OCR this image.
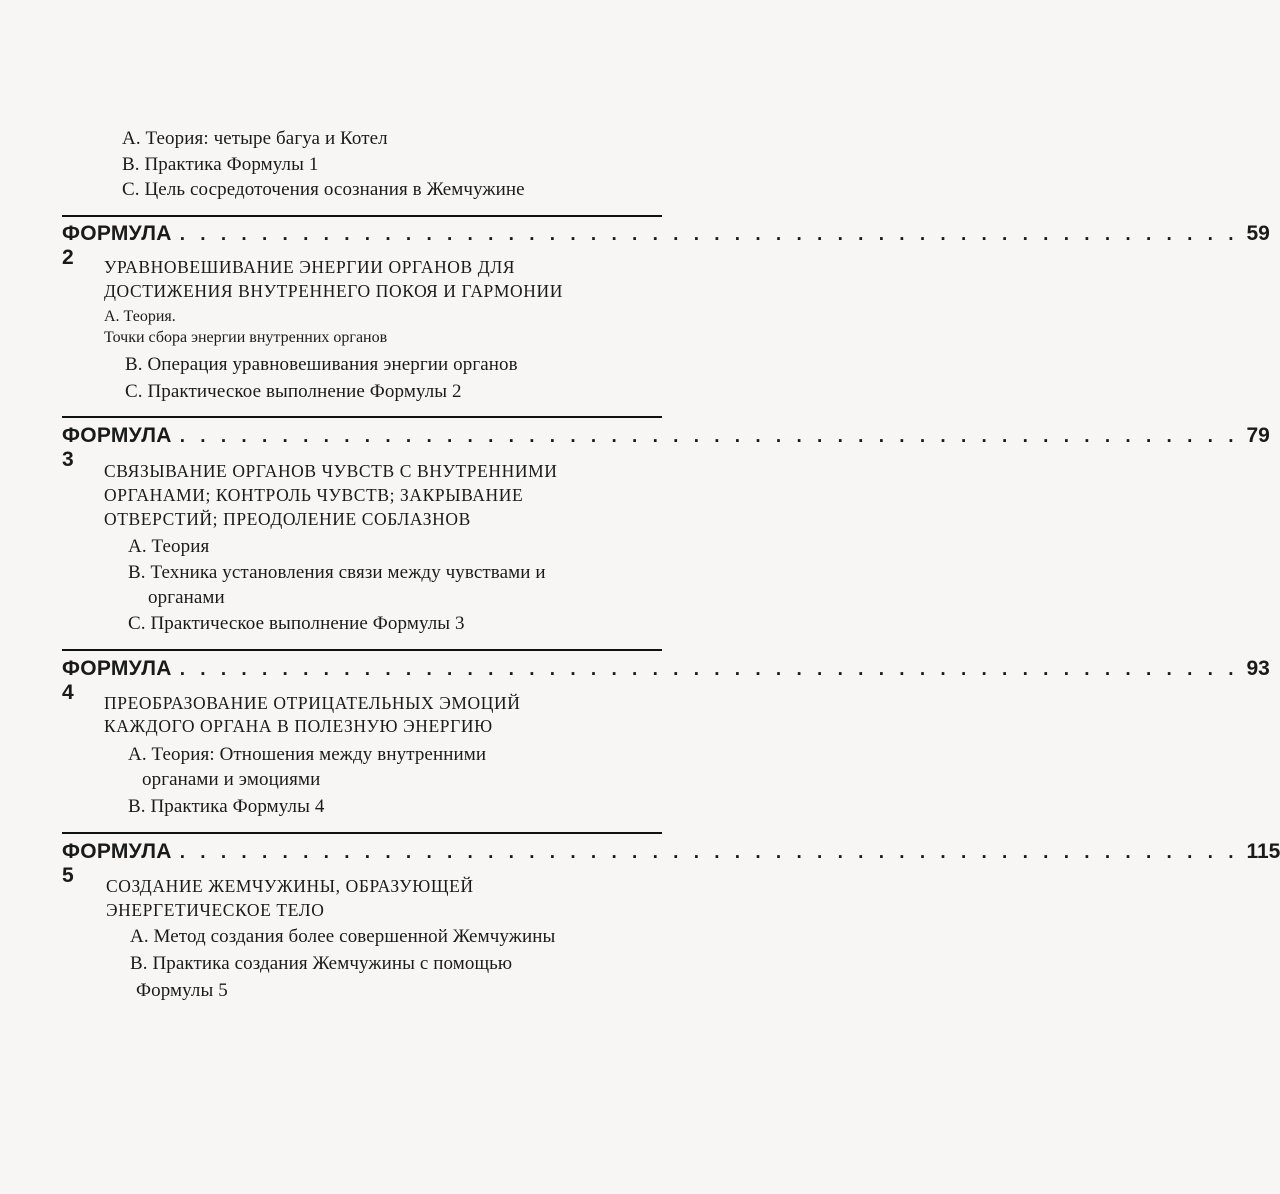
А. Теория: четыре багуа и Котел
В. Практика Формулы 1
С. Цель сосредоточения осознания в Жемчужине
ФОРМУЛА 2
. . . . . . . . . . . . . . . . . . . . . . . . . . . . . . . . . . . . . . . . . . . . . . . . . . . . 59
УРАВНОВЕШИВАНИЕ ЭНЕРГИИ ОРГАНОВ ДЛЯ
ДОСТИЖЕНИЯ ВНУТРЕННЕГО ПОКОЯ И ГАРМОНИИ
А. Теория.
Точки сбора энергии внутренних органов
В. Операция уравновешивания энергии органов
С. Практическое выполнение Формулы 2
ФОРМУЛА 3
. . . . . . . . . . . . . . . . . . . . . . . . . . . . . . . . . . . . . . . . . . . . . . . . . . . . 79
СВЯЗЫВАНИЕ ОРГАНОВ ЧУВСТВ С ВНУТРЕННИМИ
ОРГАНАМИ; КОНТРОЛЬ ЧУВСТВ; ЗАКРЫВАНИЕ
ОТВЕРСТИЙ; ПРЕОДОЛЕНИЕ СОБЛАЗНОВ
А. Теория
В. Техника установления связи между чувствами и
органами
С. Практическое выполнение Формулы 3
ФОРМУЛА 4
. . . . . . . . . . . . . . . . . . . . . . . . . . . . . . . . . . . . . . . . . . . . . . . . . . . . 93
ПРЕОБРАЗОВАНИЕ ОТРИЦАТЕЛЬНЫХ ЭМОЦИЙ
КАЖДОГО ОРГАНА В ПОЛЕЗНУЮ ЭНЕРГИЮ
А. Теория: Отношения между внутренними
органами и эмоциями
В. Практика Формулы 4
ФОРМУЛА 5
. . . . . . . . . . . . . . . . . . . . . . . . . . . . . . . . . . . . . . . . . . . . . . . . . . . . 115
СОЗДАНИЕ ЖЕМЧУЖИНЫ, ОБРАЗУЮЩЕЙ
ЭНЕРГЕТИЧЕСКОЕ ТЕЛО
А. Метод создания более совершенной Жемчужины
В. Практика создания Жемчужины с помощью
Формулы 5
